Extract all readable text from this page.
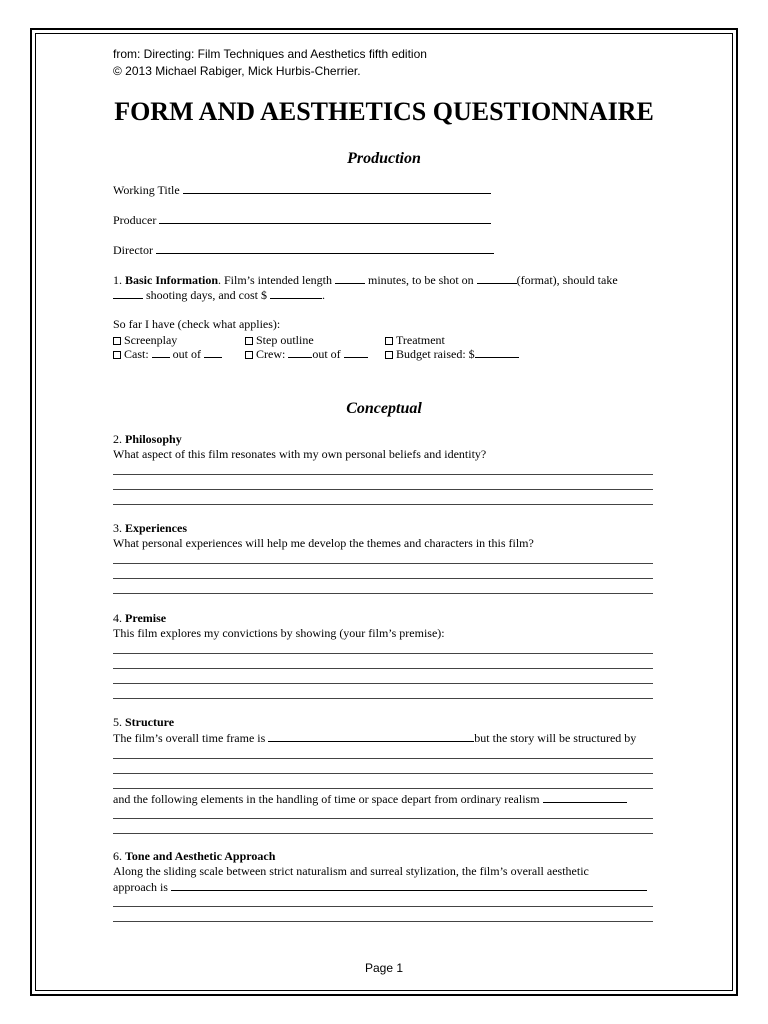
from: Directing: Film Techniques and Aesthetics fifth edition
© 2013 Michael Rabiger, Mick Hurbis-Cherrier.
FORM AND AESTHETICS QUESTIONNAIRE
Production
Working Title
Producer
Director
1. Basic Information. Film’s intended length	minutes, to be shot on	(format), should take
shooting days, and cost $	.
So far I have (check what applies):
Screenplay	Step outline	Treatment
Cast: out of	Crew: out of	Budget raised: $
Conceptual
2. Philosophy
What aspect of this film resonates with my own personal beliefs and identity?
3. Experiences
What personal experiences will help me develop the themes and characters in this film?
4. Premise
This film explores my convictions by showing (your film’s premise):
5. Structure
The film’s overall time frame is	but the story will be structured by
and the following elements in the handling of time or space depart from ordinary realism
6. Tone and Aesthetic Approach
Along the sliding scale between strict naturalism and surreal stylization, the film’s overall aesthetic
approach is
Page 1
